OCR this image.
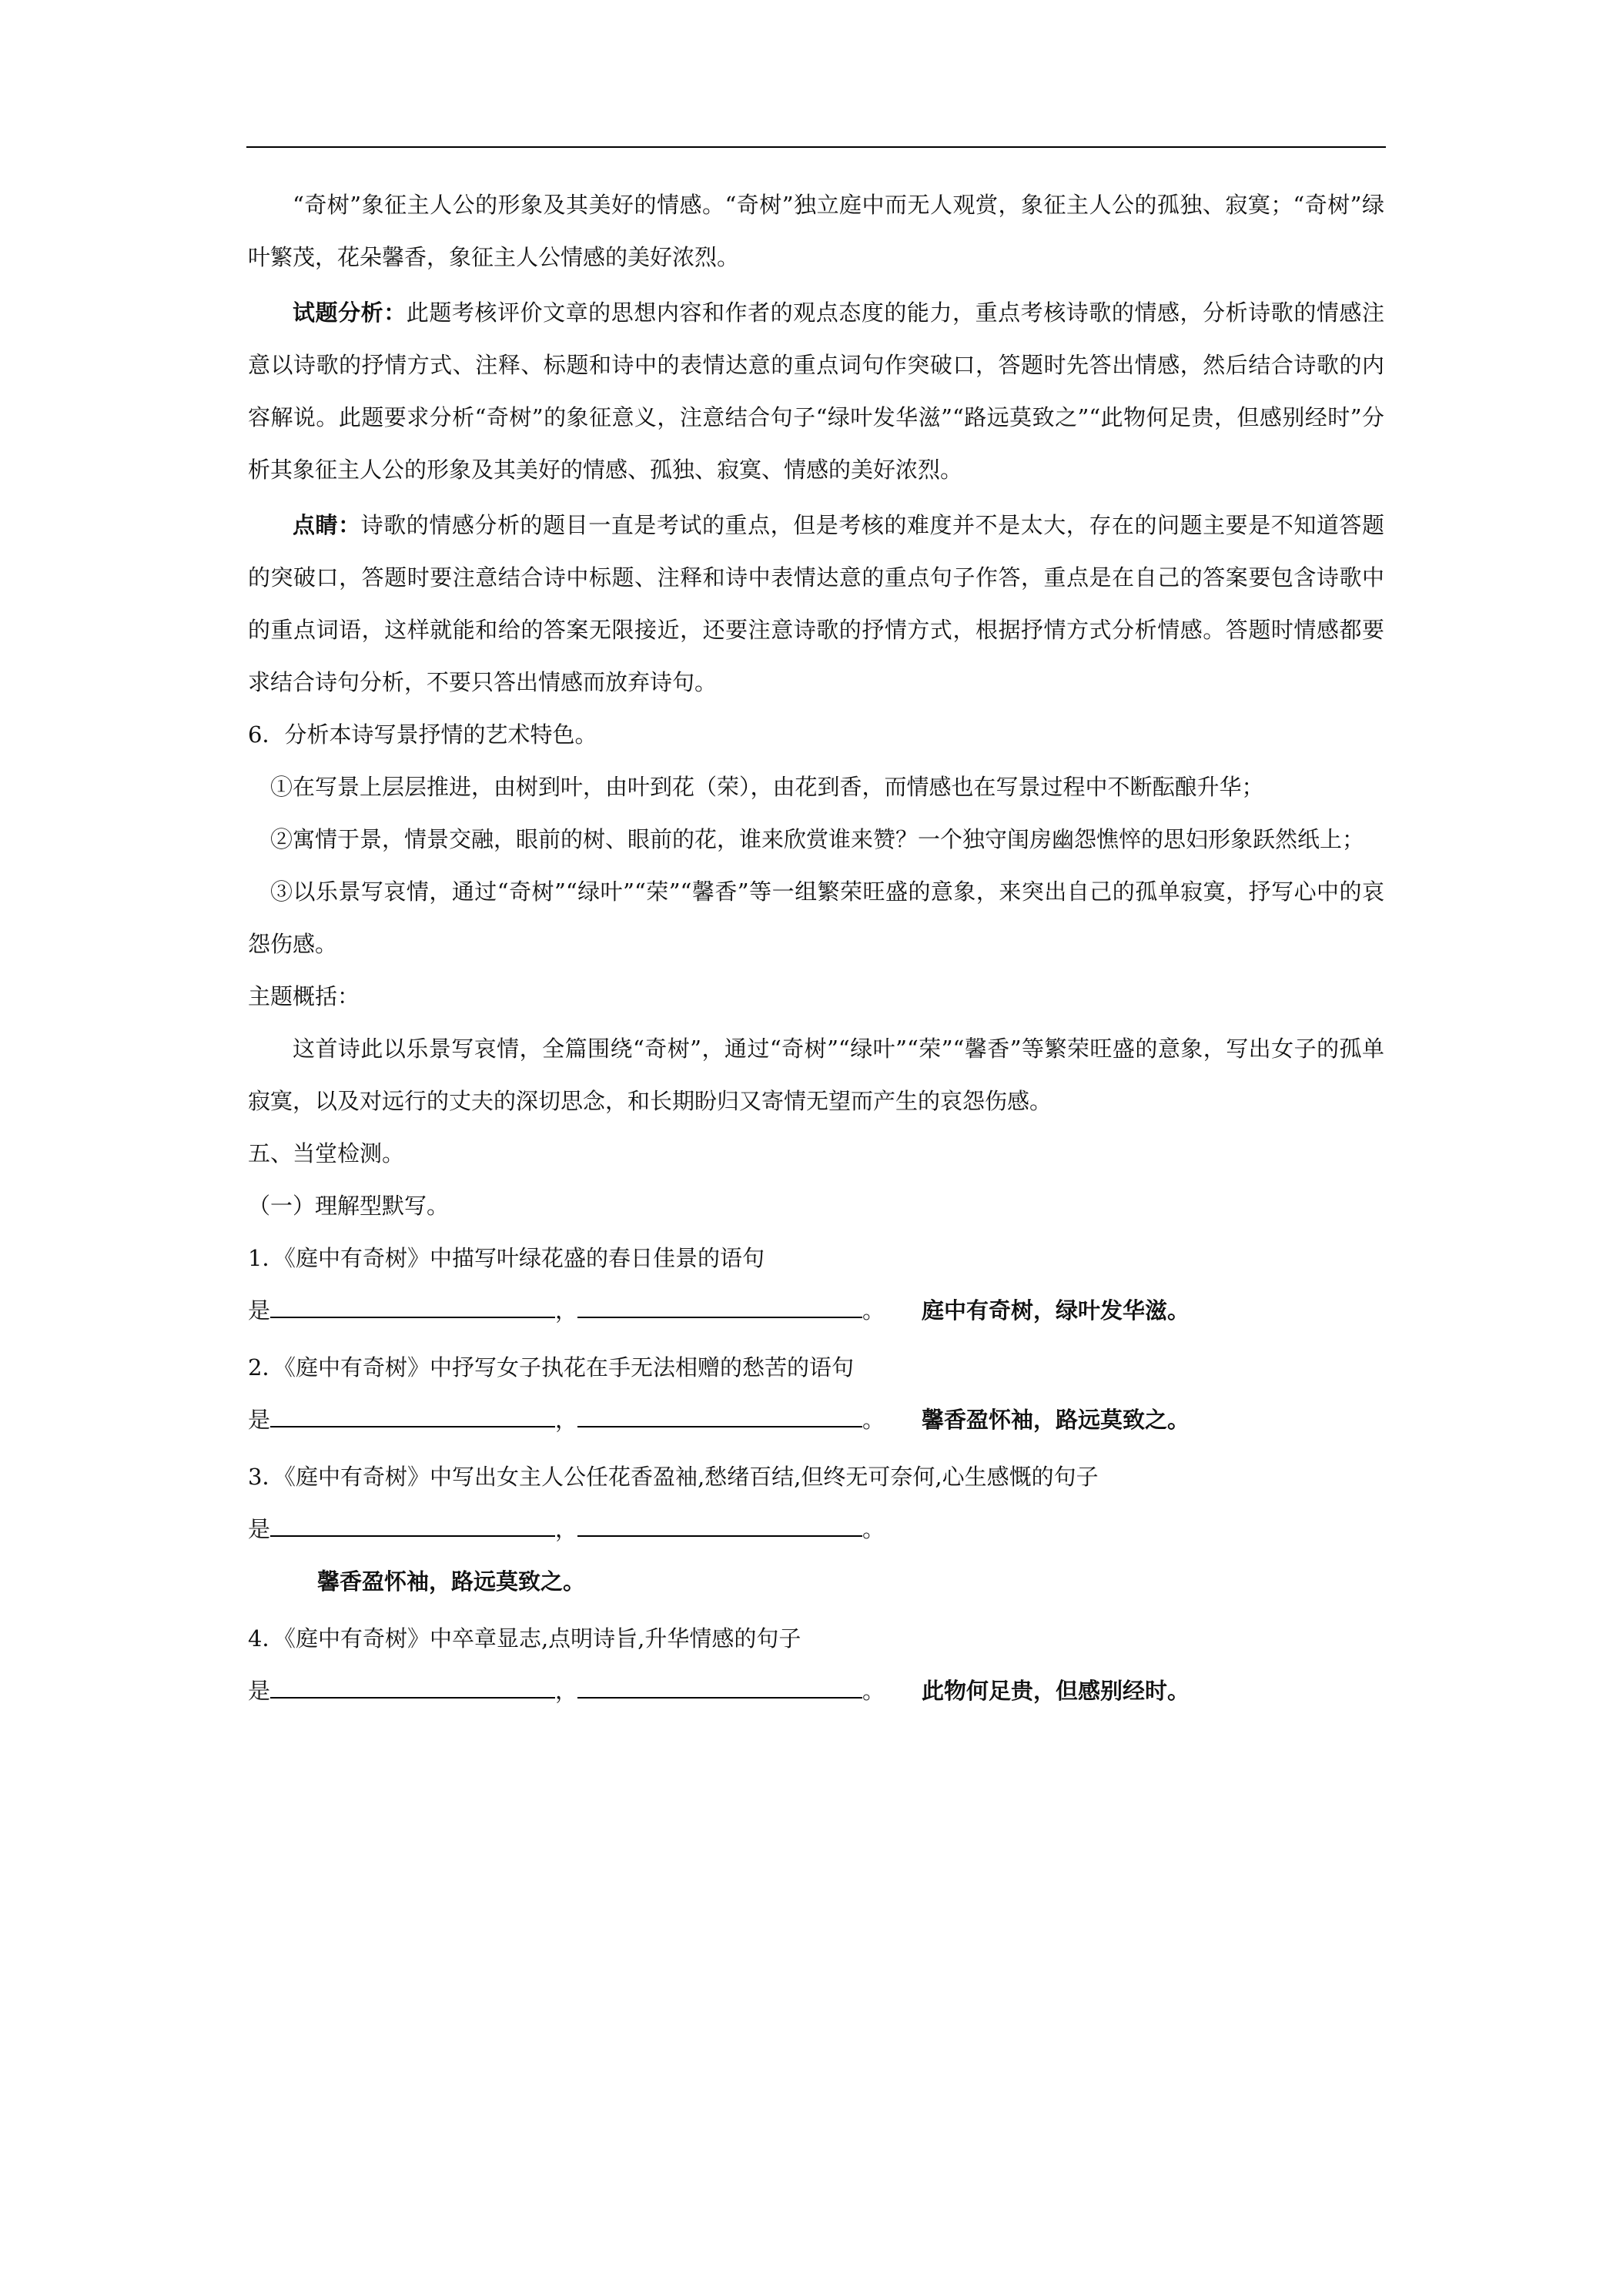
“奇树”象征主人公的形象及其美好的情感。“奇树”独立庭中而无人观赏，象征主人公的孤独、寂寞；“奇树”绿叶繁茂，花朵馨香，象征主人公情感的美好浓烈。

试题分析：此题考核评价文章的思想内容和作者的观点态度的能力，重点考核诗歌的情感，分析诗歌的情感注意以诗歌的抒情方式、注释、标题和诗中的表情达意的重点词句作突破口，答题时先答出情感，然后结合诗歌的内容解说。此题要求分析“奇树”的象征意义，注意结合句子“绿叶发华滋”“路远莫致之”“此物何足贵，但感别经时”分析其象征主人公的形象及其美好的情感、孤独、寂寞、情感的美好浓烈。

点睛：诗歌的情感分析的题目一直是考试的重点，但是考核的难度并不是太大，存在的问题主要是不知道答题的突破口，答题时要注意结合诗中标题、注释和诗中表情达意的重点句子作答，重点是在自己的答案要包含诗歌中的重点词语，这样就能和给的答案无限接近，还要注意诗歌的抒情方式，根据抒情方式分析情感。答题时情感都要求结合诗句分析，不要只答出情感而放弃诗句。

6．分析本诗写景抒情的艺术特色。

①在写景上层层推进，由树到叶，由叶到花（荣），由花到香，而情感也在写景过程中不断酝酿升华；

②寓情于景，情景交融，眼前的树、眼前的花，谁来欣赏谁来赞？一个独守闺房幽怨憔悴的思妇形象跃然纸上；

③以乐景写哀情，通过“奇树”“绿叶”“荣”“馨香”等一组繁荣旺盛的意象，来突出自己的孤单寂寞，抒写心中的哀怨伤感。

主题概括：

这首诗此以乐景写哀情，全篇围绕“奇树”，通过“奇树”“绿叶”“荣”“馨香”等繁荣旺盛的意象，写出女子的孤单寂寞，以及对远行的丈夫的深切思念，和长期盼归又寄情无望而产生的哀怨伤感。

五、当堂检测。

（一）理解型默写。

1．《庭中有奇树》中描写叶绿花盛的春日佳景的语句

是	，	。 庭中有奇树，绿叶发华滋。

2．《庭中有奇树》中抒写女子执花在手无法相赠的愁苦的语句

是	，	。 馨香盈怀袖，路远莫致之。

3．《庭中有奇树》中写出女主人公任花香盈袖,愁绪百结,但终无可奈何,心生感慨的句子

是	，	。

馨香盈怀袖，路远莫致之。

4．《庭中有奇树》中卒章显志,点明诗旨,升华情感的句子

是	，	。 此物何足贵，但感别经时。
